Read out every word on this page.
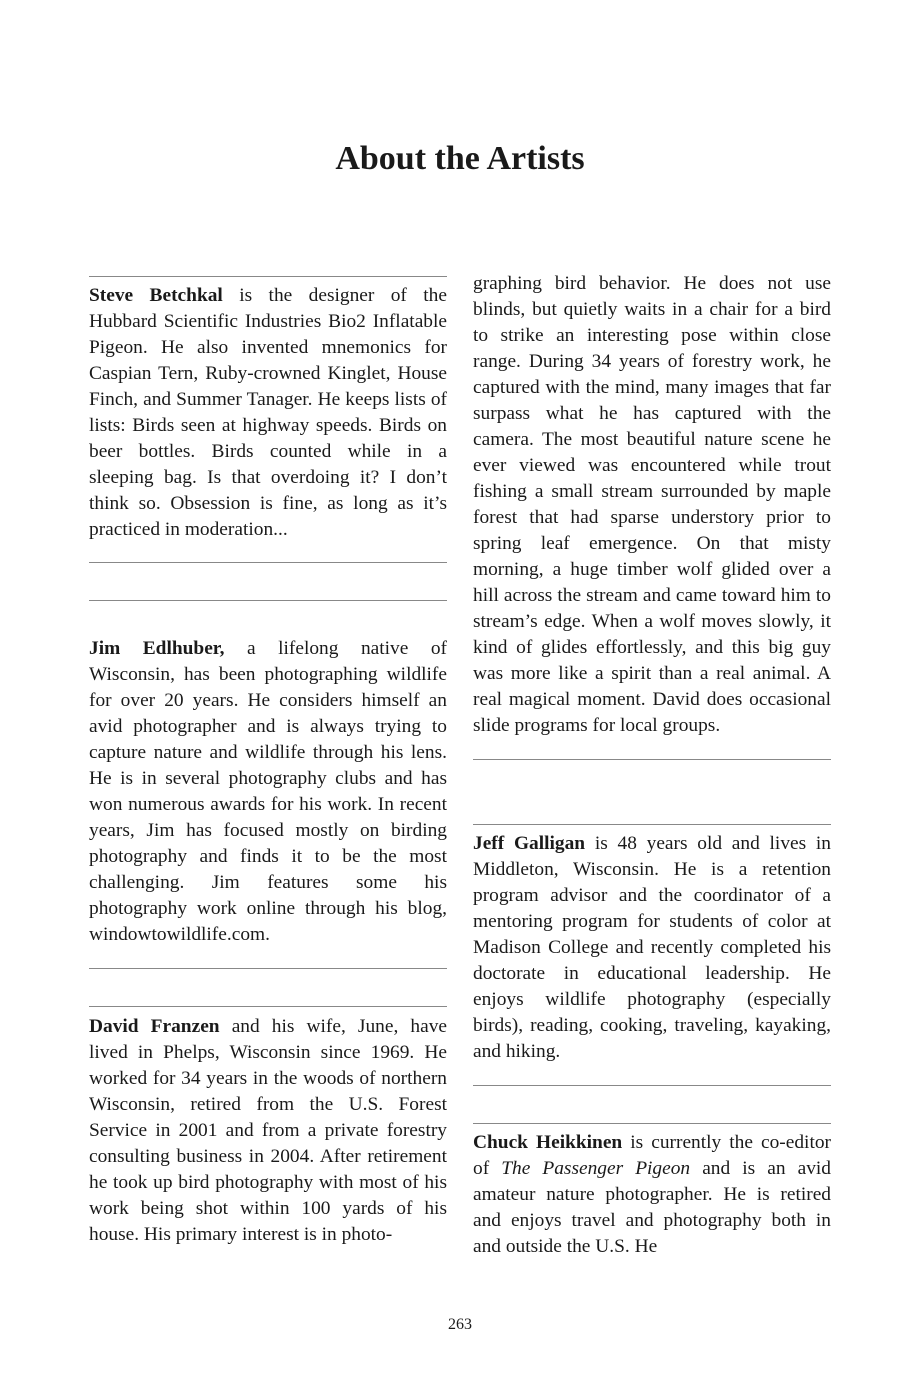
About the Artists
Steve Betchkal is the designer of the Hubbard Scientific Industries Bio2 Inflatable Pigeon. He also invented mnemonics for Caspian Tern, Ruby-crowned Kinglet, House Finch, and Summer Tanager. He keeps lists of lists: Birds seen at highway speeds. Birds on beer bottles. Birds counted while in a sleeping bag. Is that overdoing it? I don’t think so. Obsession is fine, as long as it’s practiced in moderation...
Jim Edlhuber, a lifelong native of Wisconsin, has been photographing wildlife for over 20 years. He considers himself an avid photographer and is always trying to capture nature and wildlife through his lens. He is in several photography clubs and has won numerous awards for his work. In recent years, Jim has focused mostly on birding photography and finds it to be the most challenging. Jim features some his photography work online through his blog, windowtowildlife.com.
David Franzen and his wife, June, have lived in Phelps, Wisconsin since 1969. He worked for 34 years in the woods of northern Wisconsin, retired from the U.S. Forest Service in 2001 and from a private forestry consulting business in 2004. After retirement he took up bird photography with most of his work being shot within 100 yards of his house. His primary interest is in photo-
graphing bird behavior. He does not use blinds, but quietly waits in a chair for a bird to strike an interesting pose within close range. During 34 years of forestry work, he captured with the mind, many images that far surpass what he has captured with the camera. The most beautiful nature scene he ever viewed was encountered while trout fishing a small stream surrounded by maple forest that had sparse understory prior to spring leaf emergence. On that misty morning, a huge timber wolf glided over a hill across the stream and came toward him to stream’s edge. When a wolf moves slowly, it kind of glides effortlessly, and this big guy was more like a spirit than a real animal. A real magical moment. David does occasional slide programs for local groups.
Jeff Galligan is 48 years old and lives in Middleton, Wisconsin. He is a retention program advisor and the coordinator of a mentoring program for students of color at Madison College and recently completed his doctorate in educational leadership. He enjoys wildlife photography (especially birds), reading, cooking, traveling, kayaking, and hiking.
Chuck Heikkinen is currently the co-editor of The Passenger Pigeon and is an avid amateur nature photographer. He is retired and enjoys travel and photography both in and outside the U.S. He
263
